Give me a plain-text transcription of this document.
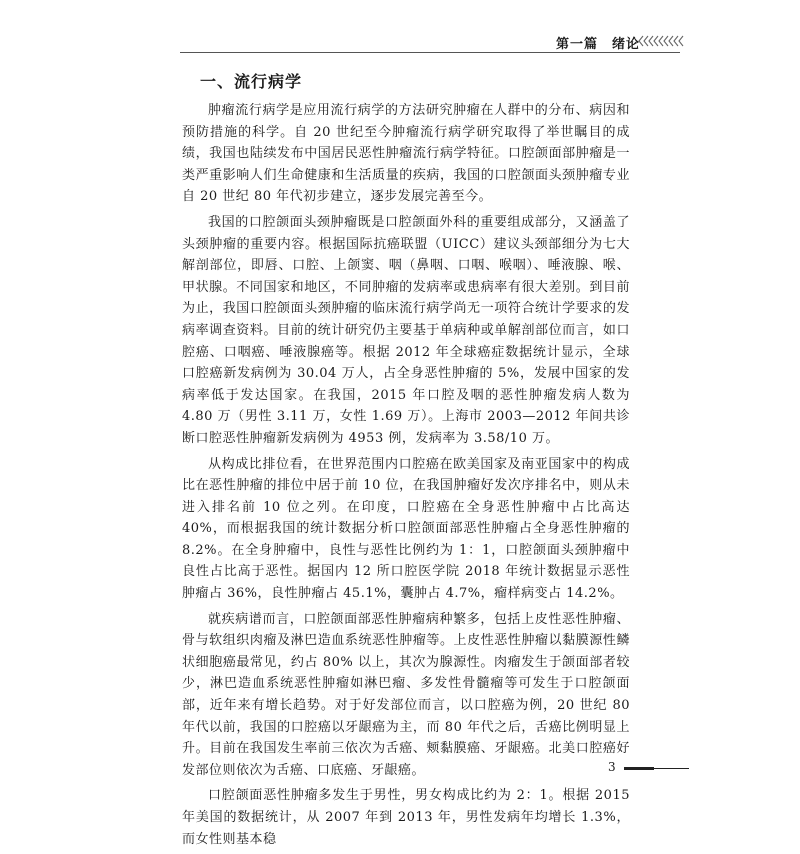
第一篇　绪论
一、流行病学

肿瘤流行病学是应用流行病学的方法研究肿瘤在人群中的分布、病因和预防措施的科学。自 20 世纪至今肿瘤流行病学研究取得了举世瞩目的成绩，我国也陆续发布中国居民恶性肿瘤流行病学特征。口腔颌面部肿瘤是一类严重影响人们生命健康和生活质量的疾病，我国的口腔颌面头颈肿瘤专业自 20 世纪 80 年代初步建立，逐步发展完善至今。

我国的口腔颌面头颈肿瘤既是口腔颌面外科的重要组成部分，又涵盖了头颈肿瘤的重要内容。根据国际抗癌联盟（UICC）建议头颈部细分为七大解剖部位，即唇、口腔、上颌窦、咽（鼻咽、口咽、喉咽）、唾液腺、喉、甲状腺。不同国家和地区，不同肿瘤的发病率或患病率有很大差别。到目前为止，我国口腔颌面头颈肿瘤的临床流行病学尚无一项符合统计学要求的发病率调查资料。目前的统计研究仍主要基于单病种或单解剖部位而言，如口腔癌、口咽癌、唾液腺癌等。根据 2012 年全球癌症数据统计显示，全球口腔癌新发病例为 30.04 万人，占全身恶性肿瘤的 5%，发展中国家的发病率低于发达国家。在我国，2015 年口腔及咽的恶性肿瘤发病人数为 4.80 万（男性 3.11 万，女性 1.69 万）。上海市 2003—2012 年间共诊断口腔恶性肿瘤新发病例为 4953 例，发病率为 3.58/10 万。

从构成比排位看，在世界范围内口腔癌在欧美国家及南亚国家中的构成比在恶性肿瘤的排位中居于前 10 位，在我国肿瘤好发次序排名中，则从未进入排名前 10 位之列。在印度，口腔癌在全身恶性肿瘤中占比高达 40%，而根据我国的统计数据分析口腔颌面部恶性肿瘤占全身恶性肿瘤的 8.2%。在全身肿瘤中，良性与恶性比例约为 1：1，口腔颌面头颈肿瘤中良性占比高于恶性。据国内 12 所口腔医学院 2018 年统计数据显示恶性肿瘤占 36%，良性肿瘤占 45.1%，囊肿占 4.7%，瘤样病变占 14.2%。

就疾病谱而言，口腔颌面部恶性肿瘤病种繁多，包括上皮性恶性肿瘤、骨与软组织肉瘤及淋巴造血系统恶性肿瘤等。上皮性恶性肿瘤以黏膜源性鳞状细胞癌最常见，约占 80% 以上，其次为腺源性。肉瘤发生于颌面部者较少，淋巴造血系统恶性肿瘤如淋巴瘤、多发性骨髓瘤等可发生于口腔颌面部，近年来有增长趋势。对于好发部位而言，以口腔癌为例，20 世纪 80 年代以前，我国的口腔癌以牙龈癌为主，而 80 年代之后，舌癌比例明显上升。目前在我国发生率前三依次为舌癌、颊黏膜癌、牙龈癌。北美口腔癌好发部位则依次为舌癌、口底癌、牙龈癌。

口腔颌面恶性肿瘤多发生于男性，男女构成比约为 2：1。根据 2015 年美国的数据统计，从 2007 年到 2013 年，男性发病年均增长 1.3%，而女性则基本稳

3
